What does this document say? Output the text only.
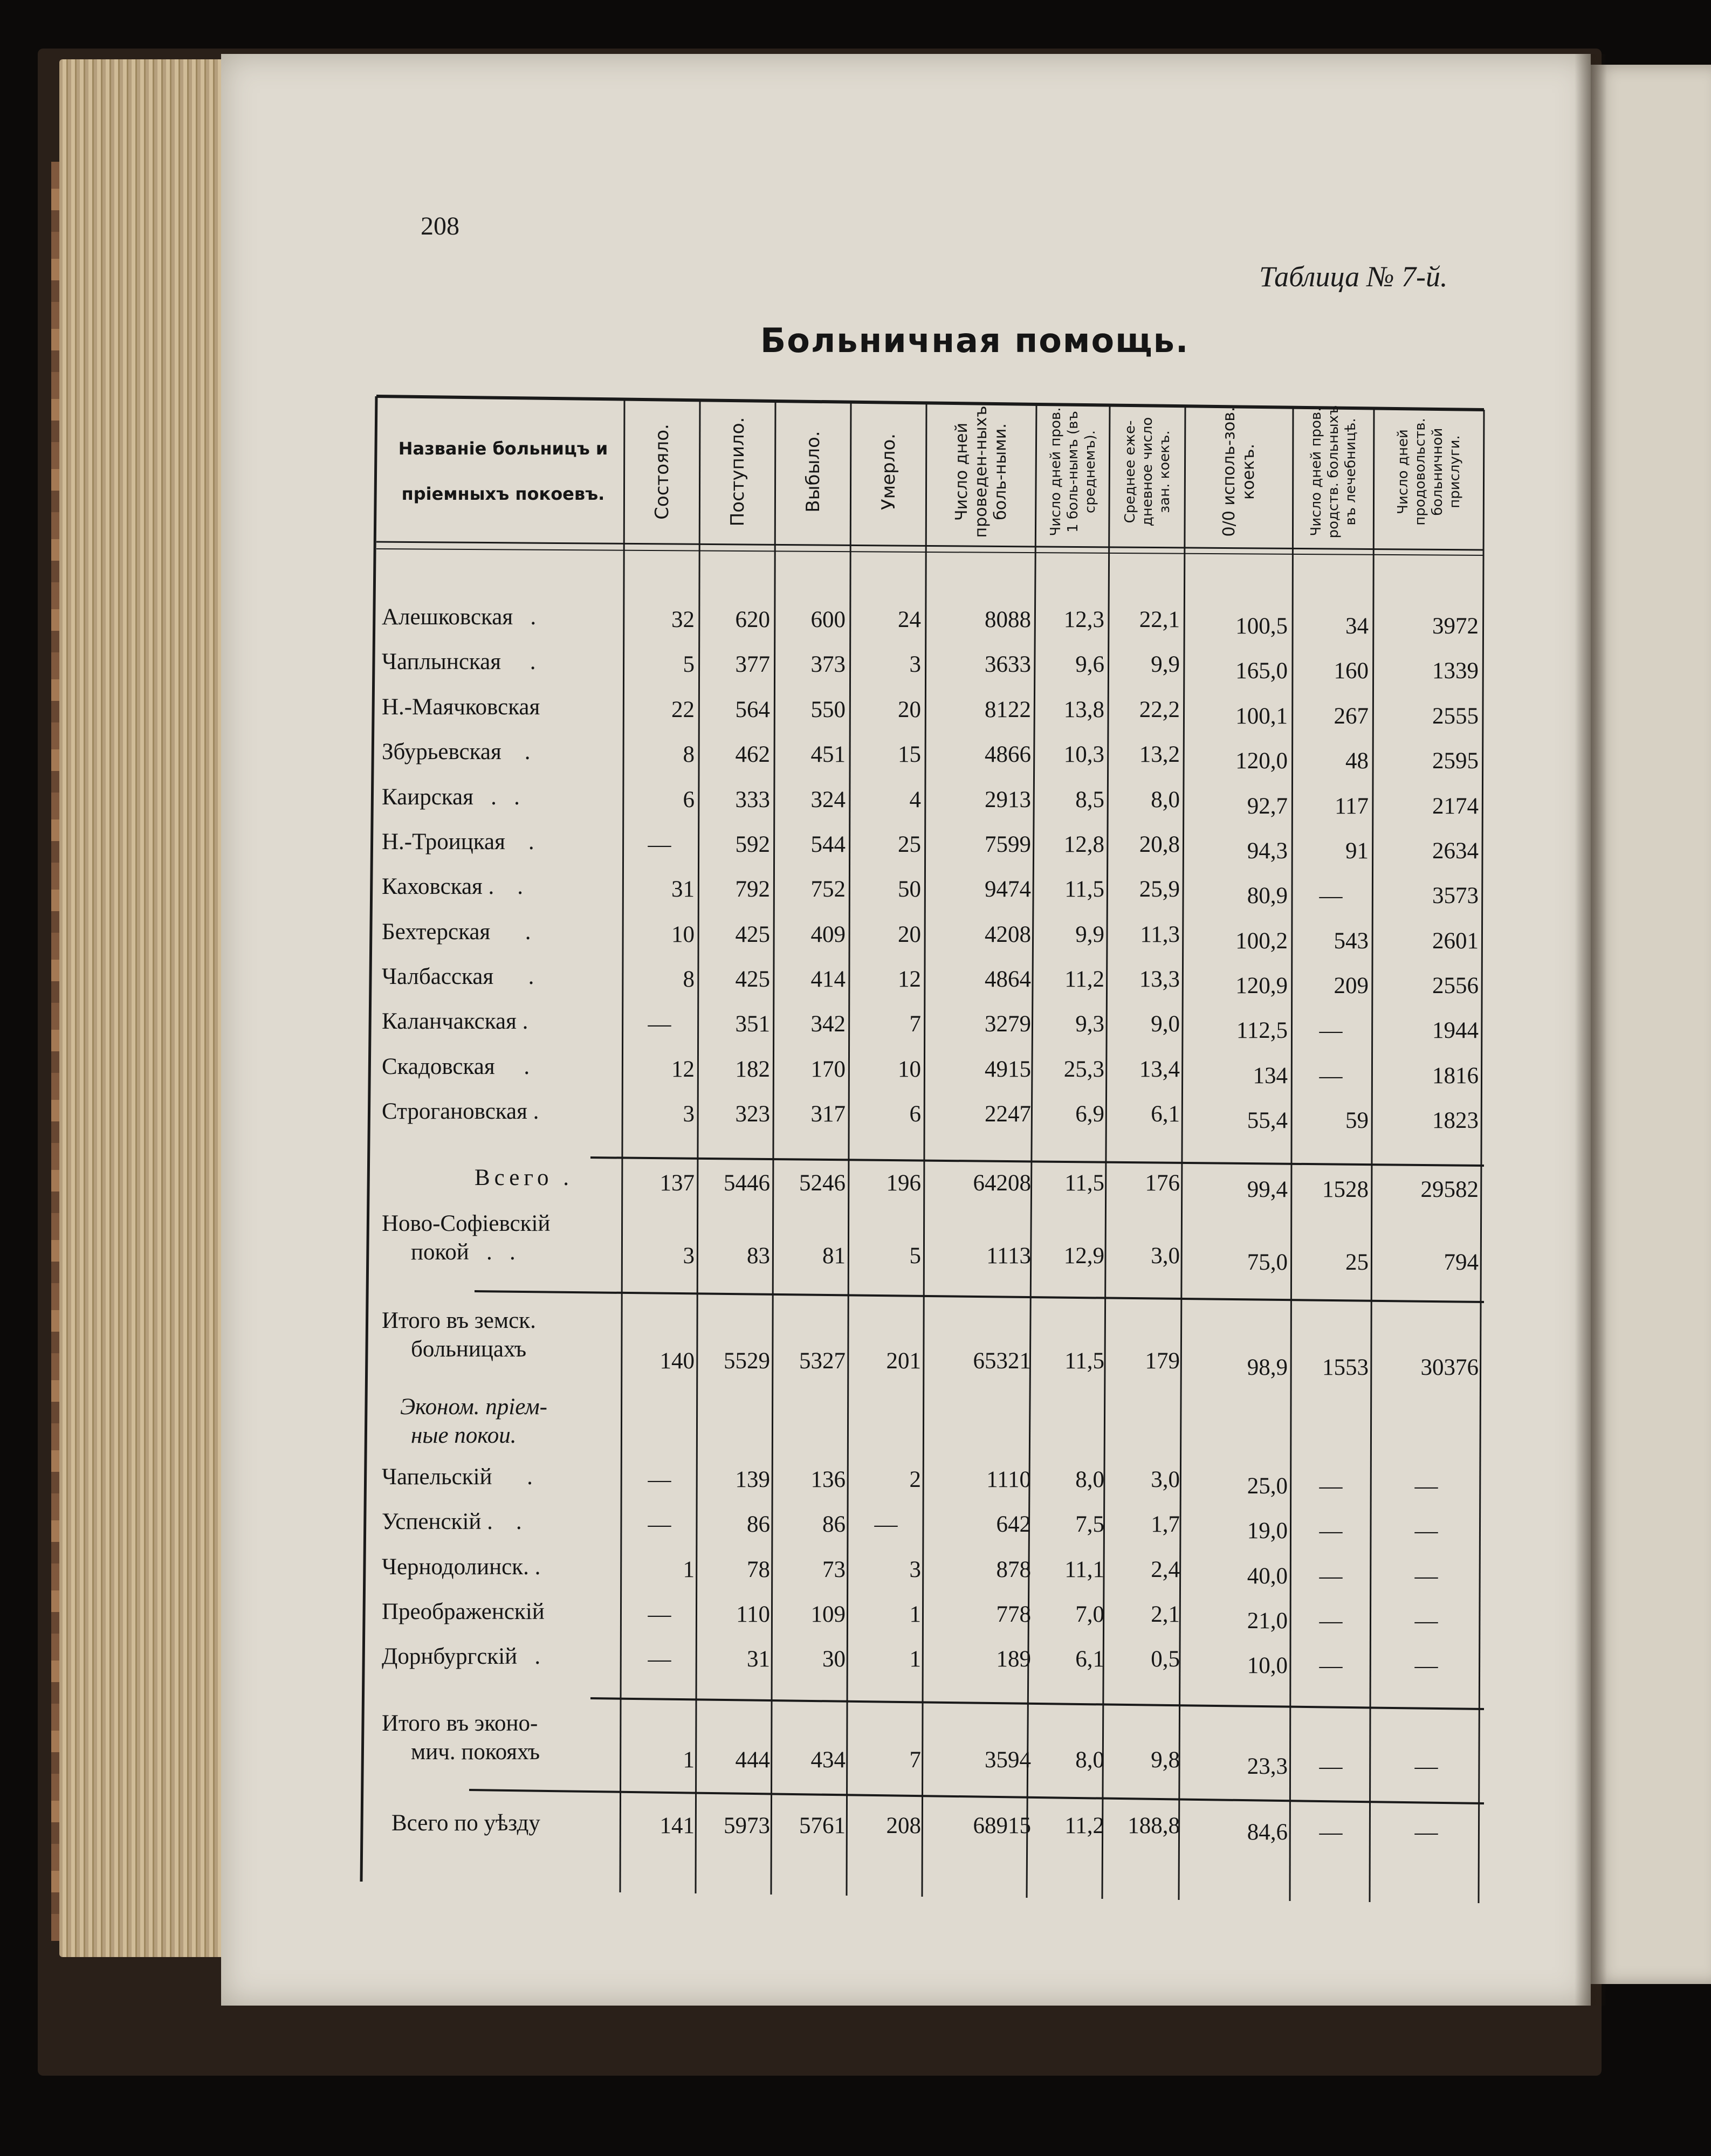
208
Таблица № 7-й.
Больничная помощь.
Названіе больницъ и пріемныхъ покоевъ.	Состояло.	Поступило.	Выбыло.	Умерло.	Число дней проведен-ныхъ боль-ными.	Число дней пров. 1 боль-нымъ (въ среднемъ).	Среднее еже-дневное число зан. коекъ.	0/0 исполь-зов. коекъ.	Число дней пров. родств. больныхъ въ лечебницѣ.	Число дней продовольств. больничной прислуги.
Алешковская   .	32	620	600	24	8088	12,3	22,1	100,5	34	3972
Чаплынская     .	5	377	373	3	3633	9,6	9,9	165,0	160	1339
Н.-Маячковская	22	564	550	20	8122	13,8	22,2	100,1	267	2555
Збурьевская    .	8	462	451	15	4866	10,3	13,2	120,0	48	2595
Каирская   .   .	6	333	324	4	2913	8,5	8,0	92,7	117	2174
Н.-Троицкая    .	—	592	544	25	7599	12,8	20,8	94,3	91	2634
Каховская .    .	31	792	752	50	9474	11,5	25,9	80,9	—	3573
Бехтерская      .	10	425	409	20	4208	9,9	11,3	100,2	543	2601
Чалбасская      .	8	425	414	12	4864	11,2	13,3	120,9	209	2556
Каланчакская .	—	351	342	7	3279	9,3	9,0	112,5	—	1944
Скадовская     .	12	182	170	10	4915	25,3	13,4	134	—	1816
Строгановская .	3	323	317	6	2247	6,9	6,1	55,4	59	1823
Всего .	137	5446	5246	196	64208	11,5	176	99,4	1528	29582
Ново-Софіевскій
покой   .   .	3	83	81	5	1113	12,9	3,0	75,0	25	794
Итого въ земск.
больницахъ	140	5529	5327	201	65321	11,5	179	98,9	1553	30376
Эконом. пріем-
ные покои.
Чапельскій      .	—	139	136	2	1110	8,0	3,0	25,0	—	—
Успенскій .    .	—	86	86	—	642	7,5	1,7	19,0	—	—
Чернодолинск. .	1	78	73	3	878	11,1	2,4	40,0	—	—
Преображенскій	—	110	109	1	778	7,0	2,1	21,0	—	—
Дорнбургскій   .	—	31	30	1	189	6,1	0,5	10,0	—	—
Итого въ эконо-
мич. покояхъ	1	444	434	7	3594	8,0	9,8	23,3	—	—
Всего по уѣзду	141	5973	5761	208	68915	11,2	188,8	84,6	—	—
